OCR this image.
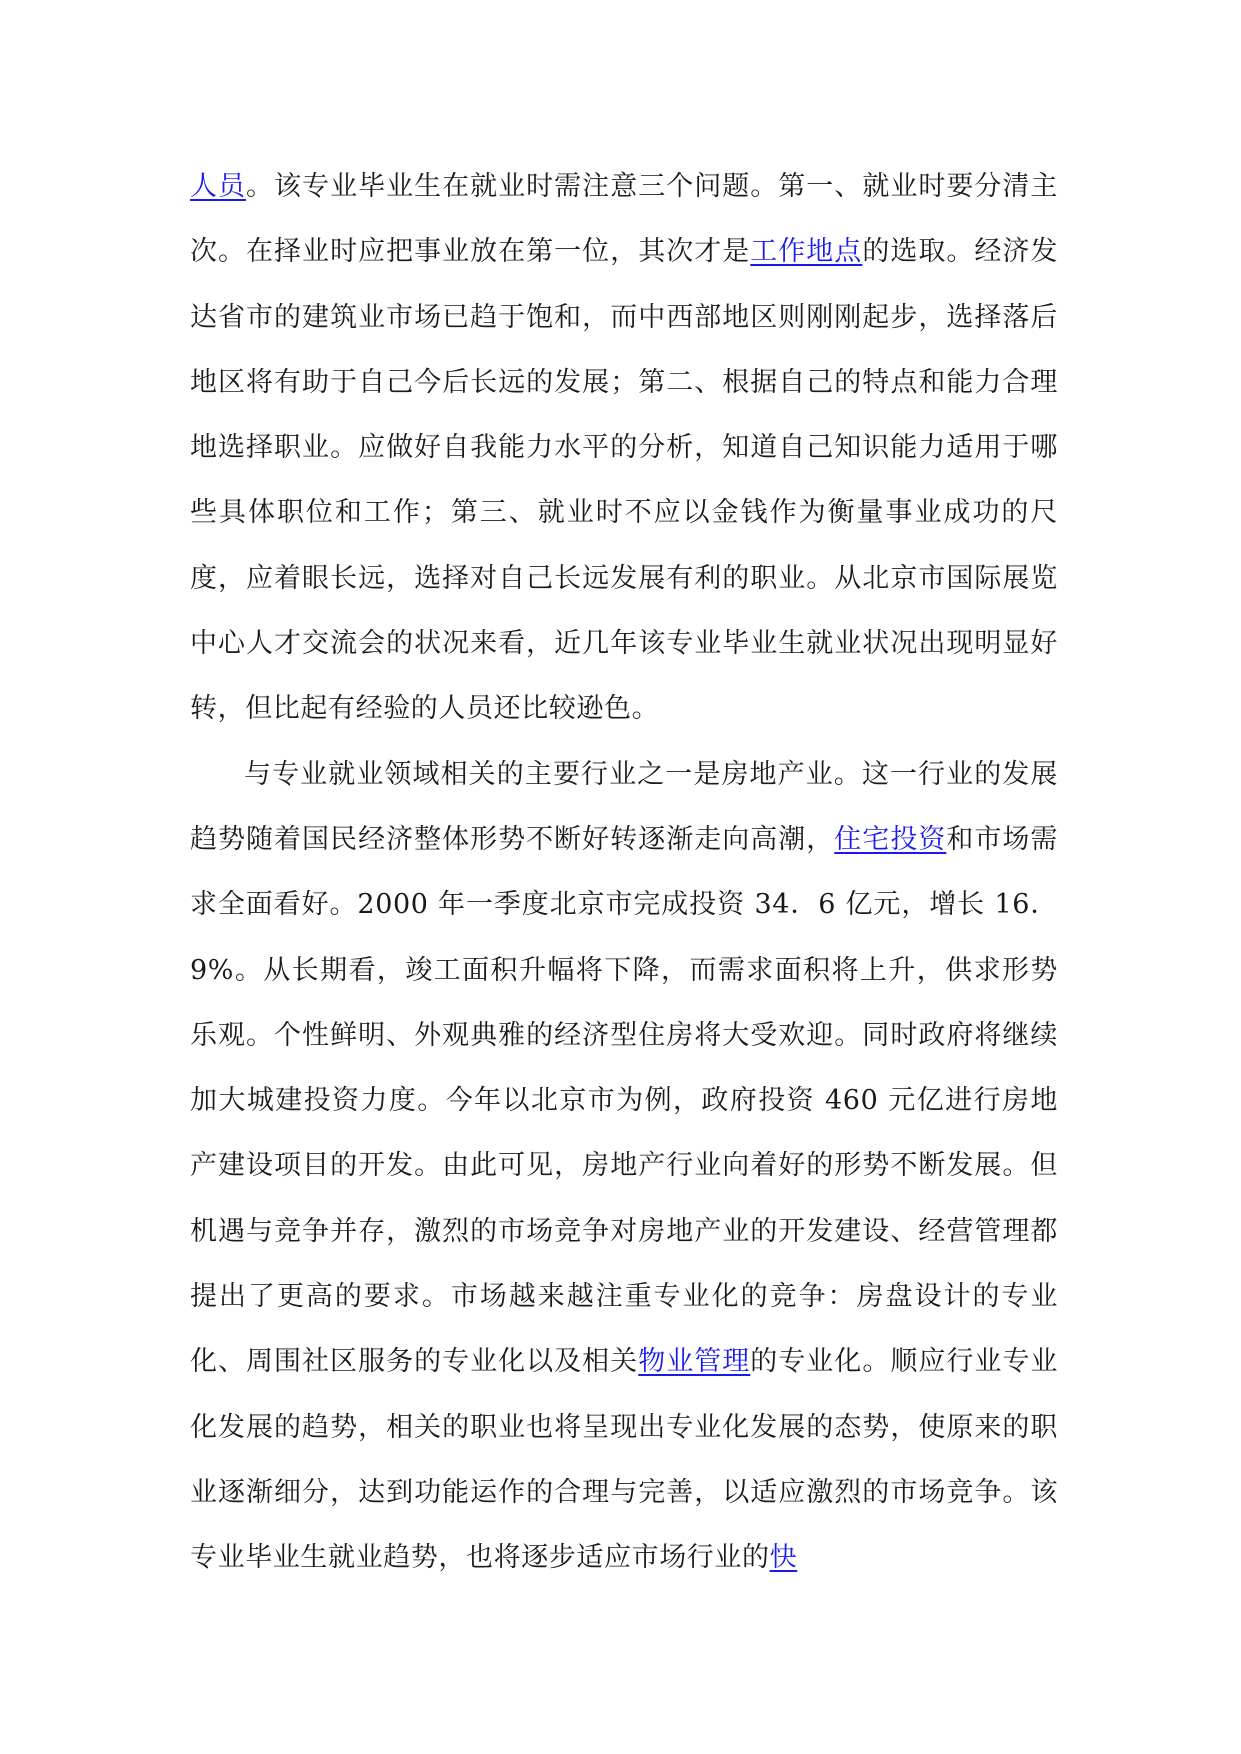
人员。该专业毕业生在就业时需注意三个问题。第一、就业时要分清主次。在择业时应把事业放在第一位，其次才是工作地点的选取。经济发达省市的建筑业市场已趋于饱和，而中西部地区则刚刚起步，选择落后地区将有助于自己今后长远的发展；第二、根据自己的特点和能力合理地选择职业。应做好自我能力水平的分析，知道自己知识能力适用于哪些具体职位和工作；第三、就业时不应以金钱作为衡量事业成功的尺度，应着眼长远，选择对自己长远发展有利的职业。从北京市国际展览中心人才交流会的状况来看，近几年该专业毕业生就业状况出现明显好转，但比起有经验的人员还比较逊色。

与专业就业领域相关的主要行业之一是房地产业。这一行业的发展趋势随着国民经济整体形势不断好转逐渐走向高潮，住宅投资和市场需求全面看好。2000 年一季度北京市完成投资 34．6 亿元，增长 16．9%。从长期看，竣工面积升幅将下降，而需求面积将上升，供求形势乐观。个性鲜明、外观典雅的经济型住房将大受欢迎。同时政府将继续加大城建投资力度。今年以北京市为例，政府投资 460 元亿进行房地产建设项目的开发。由此可见，房地产行业向着好的形势不断发展。但机遇与竞争并存，激烈的市场竞争对房地产业的开发建设、经营管理都提出了更高的要求。市场越来越注重专业化的竞争：房盘设计的专业化、周围社区服务的专业化以及相关物业管理的专业化。顺应行业专业化发展的趋势，相关的职业也将呈现出专业化发展的态势，使原来的职业逐渐细分，达到功能运作的合理与完善，以适应激烈的市场竞争。该专业毕业生就业趋势，也将逐步适应市场行业的快
